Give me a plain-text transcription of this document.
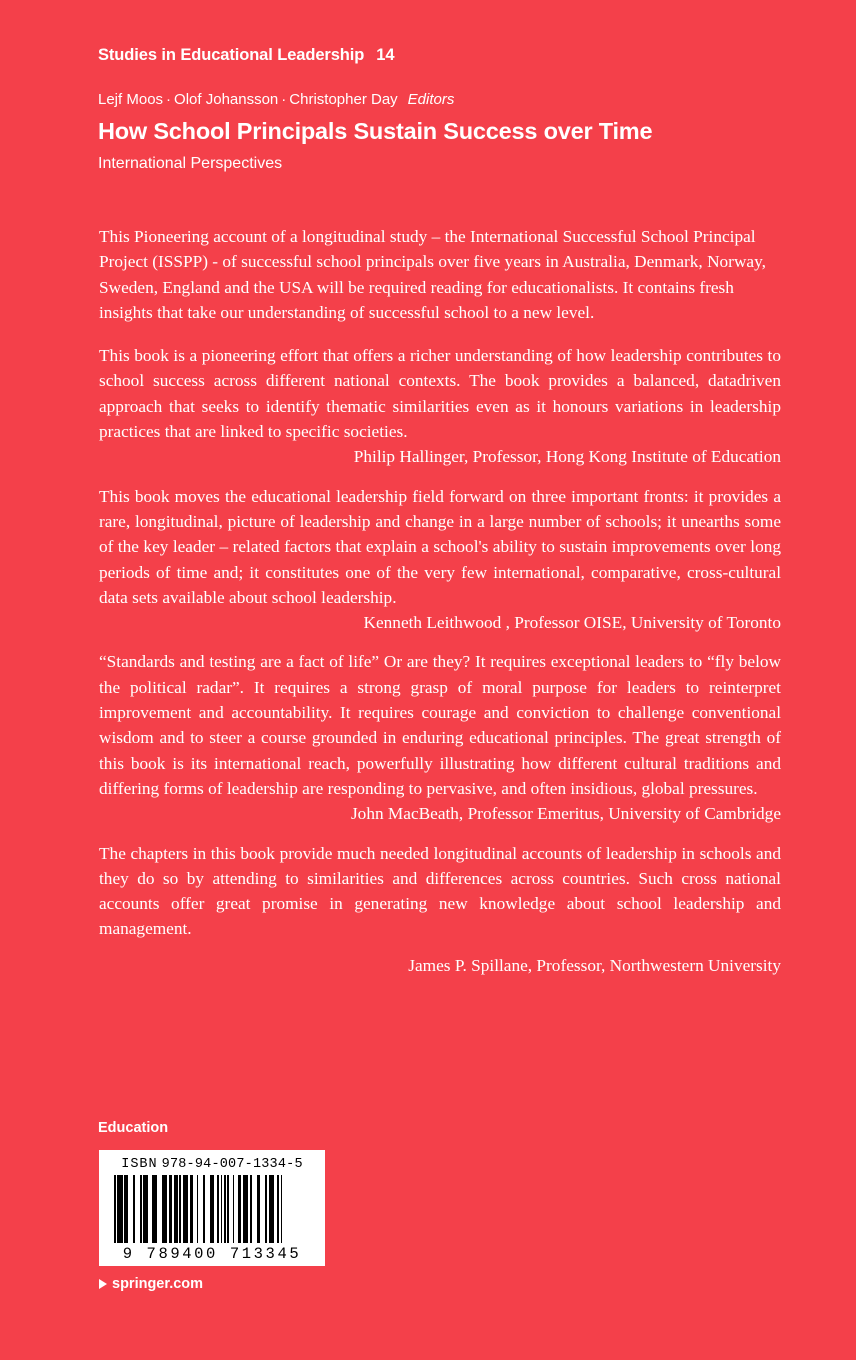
Studies in Educational Leadership 14
Lejf Moos · Olof Johansson · Christopher Day Editors
How School Principals Sustain Success over Time
International Perspectives

This Pioneering account of a longitudinal study – the International Successful School Principal Project (ISSPP) - of successful school principals over five years in Australia, Denmark, Norway, Sweden, England and the USA will be required reading for educationalists. It contains fresh insights that take our understanding of successful school to a new level.

This book is a pioneering effort that offers a richer understanding of how leadership contributes to school success across different national contexts. The book provides a balanced, datadriven approach that seeks to identify thematic similarities even as it honours variations in leadership practices that are linked to specific societies.

Philip Hallinger, Professor, Hong Kong Institute of Education

This book moves the educational leadership field forward on three important fronts: it provides a rare, longitudinal, picture of leadership and change in a large number of schools; it unearths some of the key leader – related factors that explain a school's ability to sustain improvements over long periods of time and; it constitutes one of the very few international, comparative, cross-cultural data sets available about school leadership.

Kenneth Leithwood , Professor OISE, University of Toronto

“Standards and testing are a fact of life” Or are they? It requires exceptional leaders to “fly below the political radar”. It requires a strong grasp of moral purpose for leaders to reinterpret improvement and accountability. It requires courage and conviction to challenge conventional wisdom and to steer a course grounded in enduring educational principles. The great strength of this book is its international reach, powerfully illustrating how different cultural traditions and differing forms of leadership are responding to pervasive, and often insidious, global pressures.

John MacBeath, Professor Emeritus, University of Cambridge

The chapters in this book provide much needed longitudinal accounts of leadership in schools and they do so by attending to similarities and differences across countries. Such cross national accounts offer great promise in generating new knowledge about school leadership and management.

James P. Spillane, Professor, Northwestern University

Education
ISBN 978-94-007-1334-5
9 789400 713345
springer.com
